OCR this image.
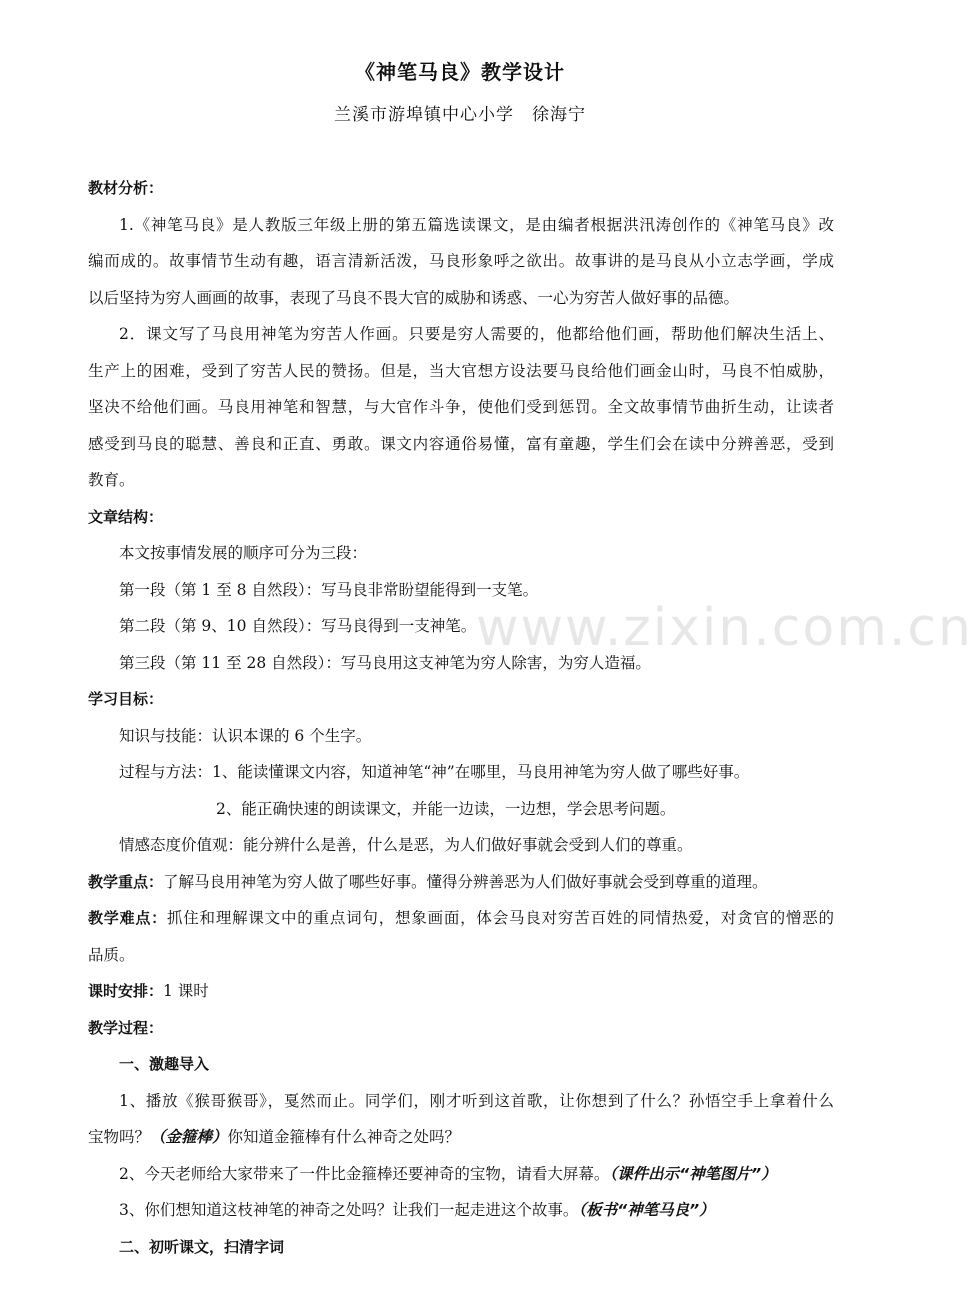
www.zixin.com.cn
《神笔马良》教学设计
兰溪市游埠镇中心小学　徐海宁
教材分析：
1.《神笔马良》是人教版三年级上册的第五篇选读课文，是由编者根据洪汛涛创作的《神笔马良》改
编而成的。故事情节生动有趣，语言清新活泼，马良形象呼之欲出。故事讲的是马良从小立志学画，学成
以后坚持为穷人画画的故事，表现了马良不畏大官的威胁和诱惑、一心为穷苦人做好事的品德。
2．课文写了马良用神笔为穷苦人作画。只要是穷人需要的，他都给他们画，帮助他们解决生活上、
生产上的困难，受到了穷苦人民的赞扬。但是，当大官想方设法要马良给他们画金山时，马良不怕威胁，
坚决不给他们画。马良用神笔和智慧，与大官作斗争，使他们受到惩罚。全文故事情节曲折生动，让读者
感受到马良的聪慧、善良和正直、勇敢。课文内容通俗易懂，富有童趣，学生们会在读中分辨善恶，受到
教育。
文章结构：
本文按事情发展的顺序可分为三段：
第一段（第 1 至 8 自然段）：写马良非常盼望能得到一支笔。
第二段（第 9、10 自然段）：写马良得到一支神笔。
第三段（第 11 至 28 自然段）：写马良用这支神笔为穷人除害，为穷人造福。
学习目标：
知识与技能：认识本课的 6 个生字。
过程与方法：1、能读懂课文内容，知道神笔“神”在哪里，马良用神笔为穷人做了哪些好事。
2、能正确快速的朗读课文，并能一边读，一边想，学会思考问题。
情感态度价值观：能分辨什么是善，什么是恶，为人们做好事就会受到人们的尊重。
教学重点：了解马良用神笔为穷人做了哪些好事。懂得分辨善恶为人们做好事就会受到尊重的道理。
教学难点：抓住和理解课文中的重点词句，想象画面，体会马良对穷苦百姓的同情热爱，对贪官的憎恶的
品质。
课时安排：1 课时
教学过程：
一、激趣导入
1、播放《猴哥猴哥》，戛然而止。同学们，刚才听到这首歌，让你想到了什么？孙悟空手上拿着什么
宝物吗？（金箍棒）你知道金箍棒有什么神奇之处吗？
2、今天老师给大家带来了一件比金箍棒还要神奇的宝物，请看大屏幕。（课件出示“神笔图片”）
3、你们想知道这枝神笔的神奇之处吗？让我们一起走进这个故事。（板书“神笔马良”）
二、初听课文，扫清字词
